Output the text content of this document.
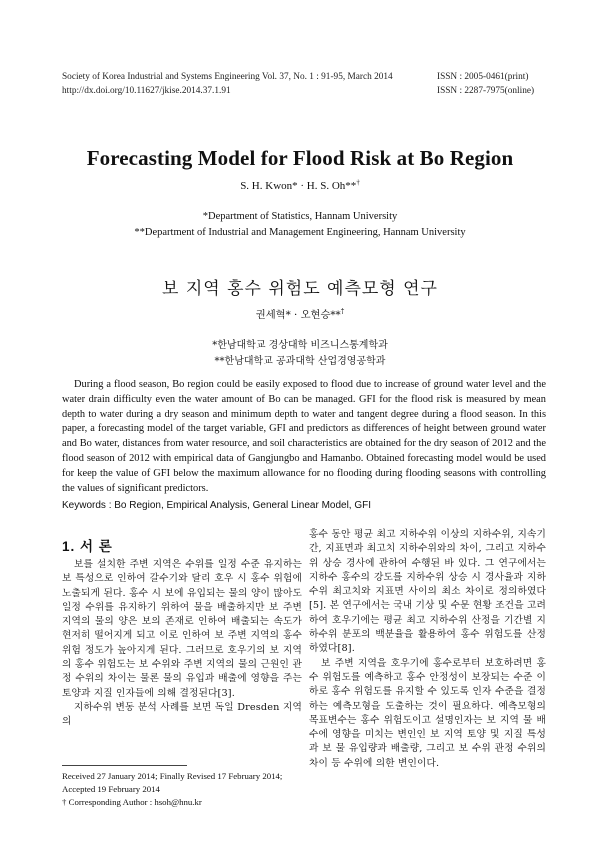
Society of Korea Industrial and Systems Engineering Vol. 37, No. 1 : 91-95, March 2014
http://dx.doi.org/10.11627/jkise.2014.37.1.91
ISSN : 2005-0461(print)
ISSN : 2287-7975(online)
Forecasting Model for Flood Risk at Bo Region
S. H. Kwon* · H. S. Oh**†
*Department of Statistics, Hannam University
**Department of Industrial and Management Engineering, Hannam University
보 지역 홍수 위험도 예측모형 연구
권세혁* · 오현승**†
*한남대학교 경상대학 비즈니스통계학과
**한남대학교 공과대학 산업경영공학과
During a flood season, Bo region could be easily exposed to flood due to increase of ground water level and the water drain difficulty even the water amount of Bo can be managed. GFI for the flood risk is measured by mean depth to water during a dry season and minimum depth to water and tangent degree during a flood season. In this paper, a forecasting model of the target variable, GFI and predictors as differences of height between ground water and Bo water, distances from water resource, and soil characteristics are obtained for the dry season of 2012 and the flood season of 2012 with empirical data of Gangjungbo and Hamanbo. Obtained forecasting model would be used for keep the value of GFI below the maximum allowance for no flooding during flooding seasons with controlling the values of significant predictors.
Keywords : Bo Region, Empirical Analysis, General Linear Model, GFI
1. 서 론

보를 설치한 주변 지역은 수위를 일정 수준 유지하는 보 특성으로 인하여 갈수기와 달리 호우 시 홍수 위험에 노출되게 된다. 홍수 시 보에 유입되는 물의 양이 많아도 일정 수위를 유지하기 위하여 물을 배출하지만 보 주변 지역의 물의 양은 보의 존재로 인하여 배출되는 속도가 현저히 떨어지게 되고 이로 인하여 보 주변 지역의 홍수 위험 정도가 높아지게 된다. 그러므로 호우기의 보 지역의 홍수 위험도는 보 수위와 주변 지역의 물의 근원인 관정 수위의 차이는 물론 물의 유입과 배출에 영향을 주는 토양과 지질 인자들에 의해 결정된다[3].

지하수위 변동 분석 사례를 보면 독일 Dresden 지역의

홍수 동안 평균 최고 지하수위 이상의 지하수위, 지속기간, 지표면과 최고치 지하수위와의 차이, 그리고 지하수위 상승 경사에 관하여 수행된 바 있다. 그 연구에서는 지하수 홍수의 강도를 지하수위 상승 시 경사율과 지하수위 최고치와 지표면 사이의 최소 차이로 정의하였다[5]. 본 연구에서는 국내 기상 및 수문 현황 조건을 고려하여 호우기에는 평균 최고 지하수위 산정을 기간별 지하수위 분포의 백분율을 활용하여 홍수 위험도를 산정하였다[8].

보 주변 지역을 호우기에 홍수로부터 보호하려면 홍수 위험도를 예측하고 홍수 안정성이 보장되는 수준 이하로 홍수 위험도를 유지할 수 있도록 인자 수준을 결정하는 예측모형을 도출하는 것이 필요하다. 예측모형의 목표변수는 홍수 위험도이고 설명인자는 보 지역 물 배수에 영향을 미치는 변인인 보 지역 토양 및 지질 특성과 보 물 유입량과 배출량, 그리고 보 수위 관정 수위의 차이 등 수위에 의한 변인이다.

Received 27 January 2014; Finally Revised 17 February 2014;
Accepted 19 February 2014
† Corresponding Author : hsoh@hnu.kr
